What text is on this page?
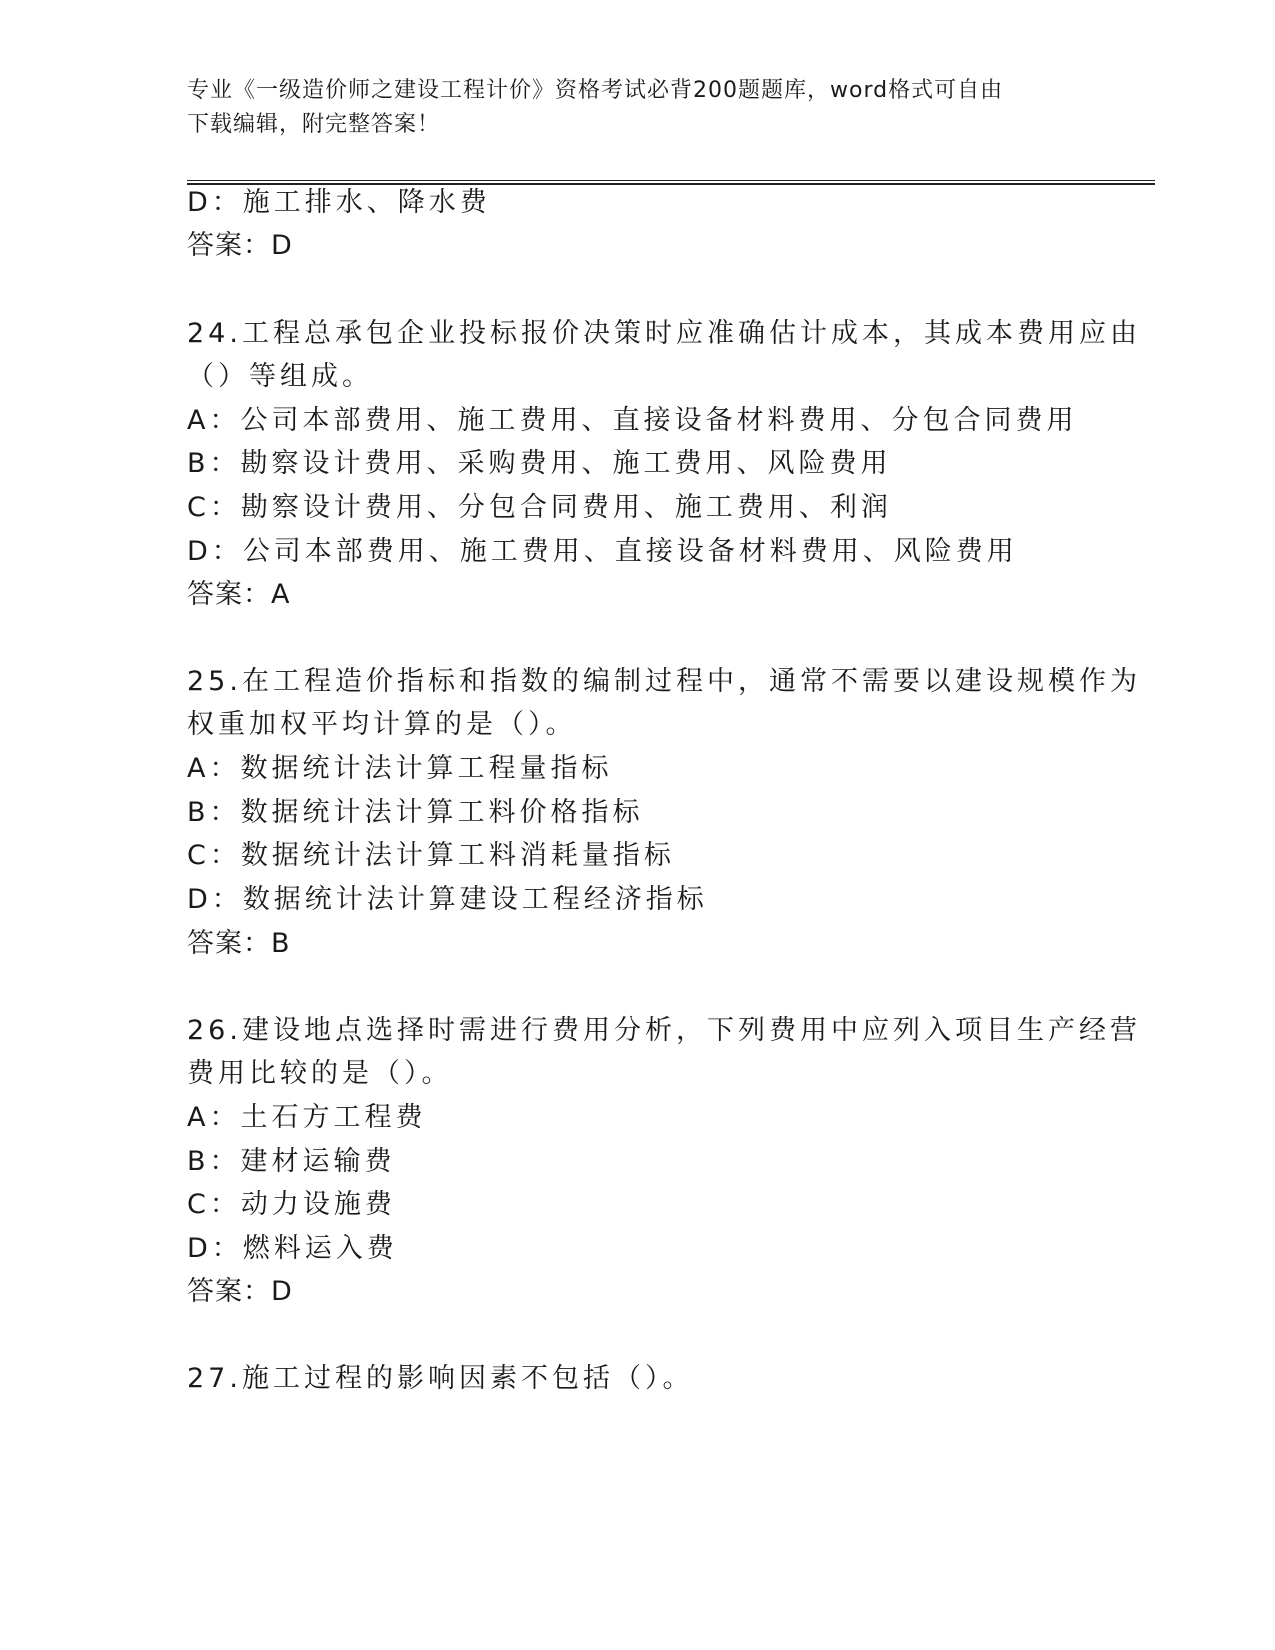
专业《一级造价师之建设工程计价》资格考试必背200题题库，word格式可自由
下载编辑，附完整答案！
D：施工排水、降水费
答案：D
24.工程总承包企业投标报价决策时应准确估计成本，其成本费用应由
（）等组成。
A：公司本部费用、施工费用、直接设备材料费用、分包合同费用
B：勘察设计费用、采购费用、施工费用、风险费用
C：勘察设计费用、分包合同费用、施工费用、利润
D：公司本部费用、施工费用、直接设备材料费用、风险费用
答案：A
25.在工程造价指标和指数的编制过程中，通常不需要以建设规模作为
权重加权平均计算的是（）。
A：数据统计法计算工程量指标
B：数据统计法计算工料价格指标
C：数据统计法计算工料消耗量指标
D：数据统计法计算建设工程经济指标
答案：B
26.建设地点选择时需进行费用分析，下列费用中应列入项目生产经营
费用比较的是（）。
A：土石方工程费
B：建材运输费
C：动力设施费
D：燃料运入费
答案：D
27.施工过程的影响因素不包括（）。
